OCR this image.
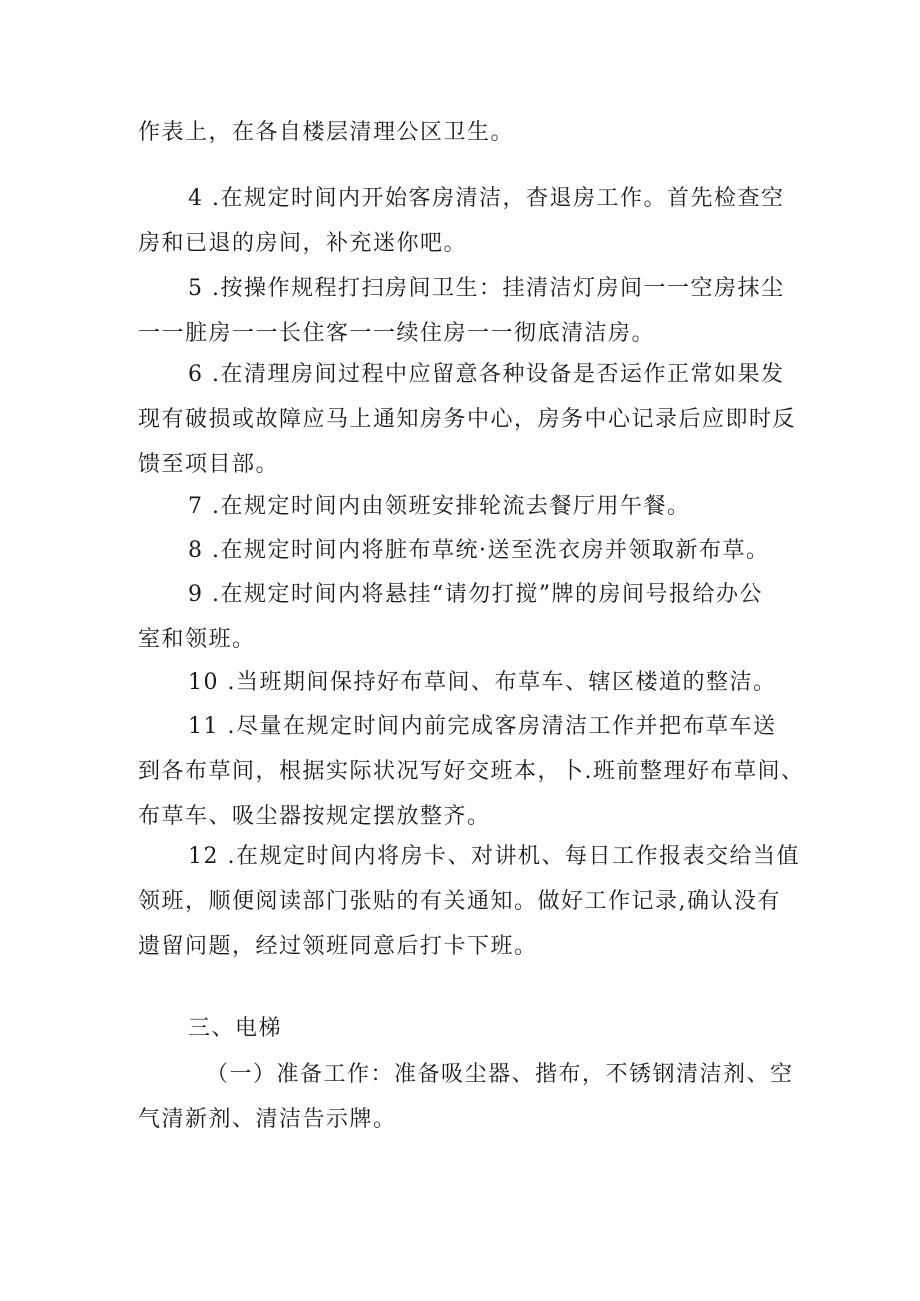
作表上，在各自楼层清理公区卫生。
4 .在规定时间内开始客房清洁，杳退房工作。首先检查空
房和已退的房间，补充迷你吧。
5 .按操作规程打扫房间卫生：挂清洁灯房间一一空房抹尘
一一脏房一一长住客一一续住房一一彻底清洁房。
6 .在清理房间过程中应留意各种设备是否运作正常如果发
现有破损或故障应马上通知房务中心，房务中心记录后应即时反
馈至项目部。
7 .在规定时间内由领班安排轮流去餐厅用午餐。
8 .在规定时间内将脏布草统·送至洗衣房并领取新布草。
9 .在规定时间内将悬挂“请勿打搅”牌的房间号报给办公
室和领班。
10 .当班期间保持好布草间、布草车、辖区楼道的整洁。
11 .尽量在规定时间内前完成客房清洁工作并把布草车送
到各布草间，根据实际状况写好交班本，卜.班前整理好布草间、
布草车、吸尘器按规定摆放整齐。
12 .在规定时间内将房卡、对讲机、每日工作报表交给当值
领班，顺便阅读部门张贴的有关通知。做好工作记录,确认没有
遗留问题，经过领班同意后打卡下班。
三、电梯
（一）准备工作：准备吸尘器、揩布，不锈钢清洁剂、空
气清新剂、清洁告示牌。
